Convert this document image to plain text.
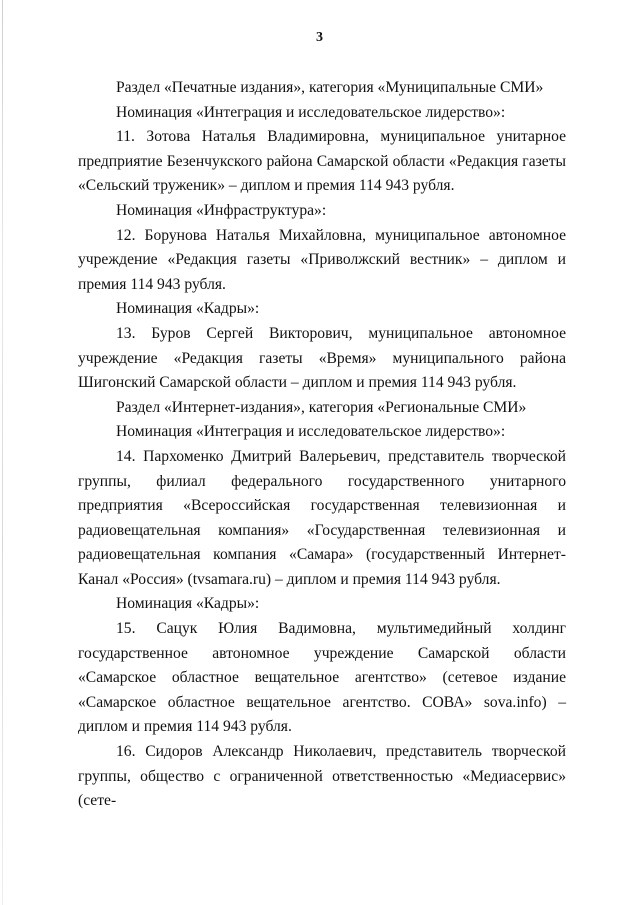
3

Раздел «Печатные издания», категория «Муниципальные СМИ»

Номинация «Интеграция и исследовательское лидерство»:

11. Зотова Наталья Владимировна, муниципальное унитарное предприятие Безенчукского района Самарской области «Редакция газеты «Сельский труженик» – диплом и премия 114 943 рубля.

Номинация «Инфраструктура»:

12. Борунова Наталья Михайловна, муниципальное автономное учреждение «Редакция газеты «Приволжский вестник» – диплом и премия 114 943 рубля.

Номинация «Кадры»:

13. Буров Сергей Викторович, муниципальное автономное учреждение «Редакция газеты «Время» муниципального района Шигонский Самарской области – диплом и премия 114 943 рубля.

Раздел «Интернет-издания», категория «Региональные СМИ»

Номинация «Интеграция и исследовательское лидерство»:

14. Пархоменко Дмитрий Валерьевич, представитель творческой группы, филиал федерального государственного унитарного предприятия «Всероссийская государственная телевизионная и радиовещательная компания» «Государственная телевизионная и радиовещательная компания «Самара» (государственный Интернет-Канал «Россия» (tvsamara.ru) – диплом и премия 114 943 рубля.

Номинация «Кадры»:

15. Сацук Юлия Вадимовна, мультимедийный холдинг государственное автономное учреждение Самарской области «Самарское областное вещательное агентство» (сетевое издание «Самарское областное вещательное агентство. СОВА» sova.info) – диплом и премия 114 943 рубля.

16. Сидоров Александр Николаевич, представитель творческой группы, общество с ограниченной ответственностью «Медиасервис» (сете-
